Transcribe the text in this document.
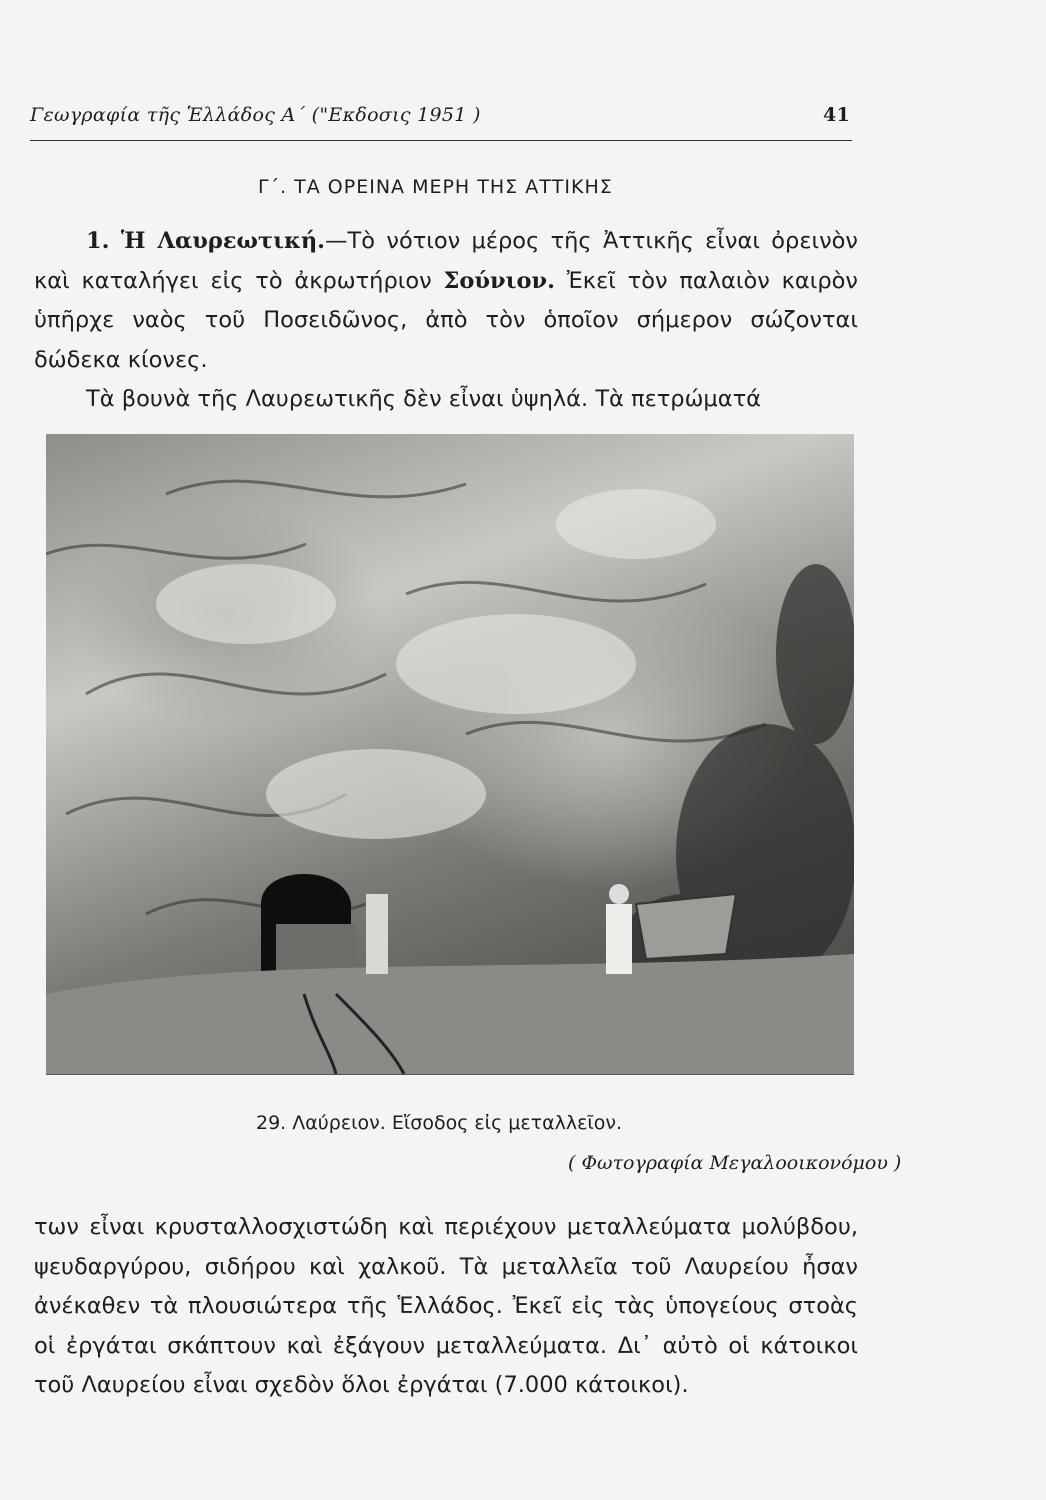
Γεωγραφία τῆς Ἑλλάδος Α΄ ("Εκδοσις 1951 )	41
Γ΄. ΤΑ ΟΡΕΙΝΑ ΜΕΡΗ ΤΗΣ ΑΤΤΙΚΗΣ

1. Ἡ Λαυρεωτική.—Τὸ νότιον μέρος τῆς Ἀττικῆς εἶναι ὀρεινὸν καὶ καταλήγει εἰς τὸ ἀκρωτήριον Σούνιον. Ἐκεῖ τὸν παλαιὸν καιρὸν ὑπῆρχε ναὸς τοῦ Ποσειδῶνος, ἀπὸ τὸν ὁποῖον σήμερον σώζονται δώδεκα κίονες.

Τὰ βουνὰ τῆς Λαυρεωτικῆς δὲν εἶναι ὑψηλά. Τὰ πετρώματά

29. Λαύρειον. Εἴσοδος εἰς μεταλλεῖον.
( Φωτογραφία Μεγαλοοικονόμου )

των εἶναι κρυσταλλοσχιστώδη καὶ περιέχουν μεταλλεύματα μολύβδου, ψευδαργύρου, σιδήρου καὶ χαλκοῦ. Τὰ μεταλλεῖα τοῦ Λαυρείου ἦσαν ἀνέκαθεν τὰ πλουσιώτερα τῆς Ἑλλάδος. Ἐκεῖ εἰς τὰς ὑπογείους στοὰς οἱ ἐργάται σκάπτουν καὶ ἐξάγουν μεταλλεύματα. Δι᾿ αὐτὸ οἱ κάτοικοι τοῦ Λαυρείου εἶναι σχεδὸν ὅλοι ἐργάται (7.000 κάτοικοι).
